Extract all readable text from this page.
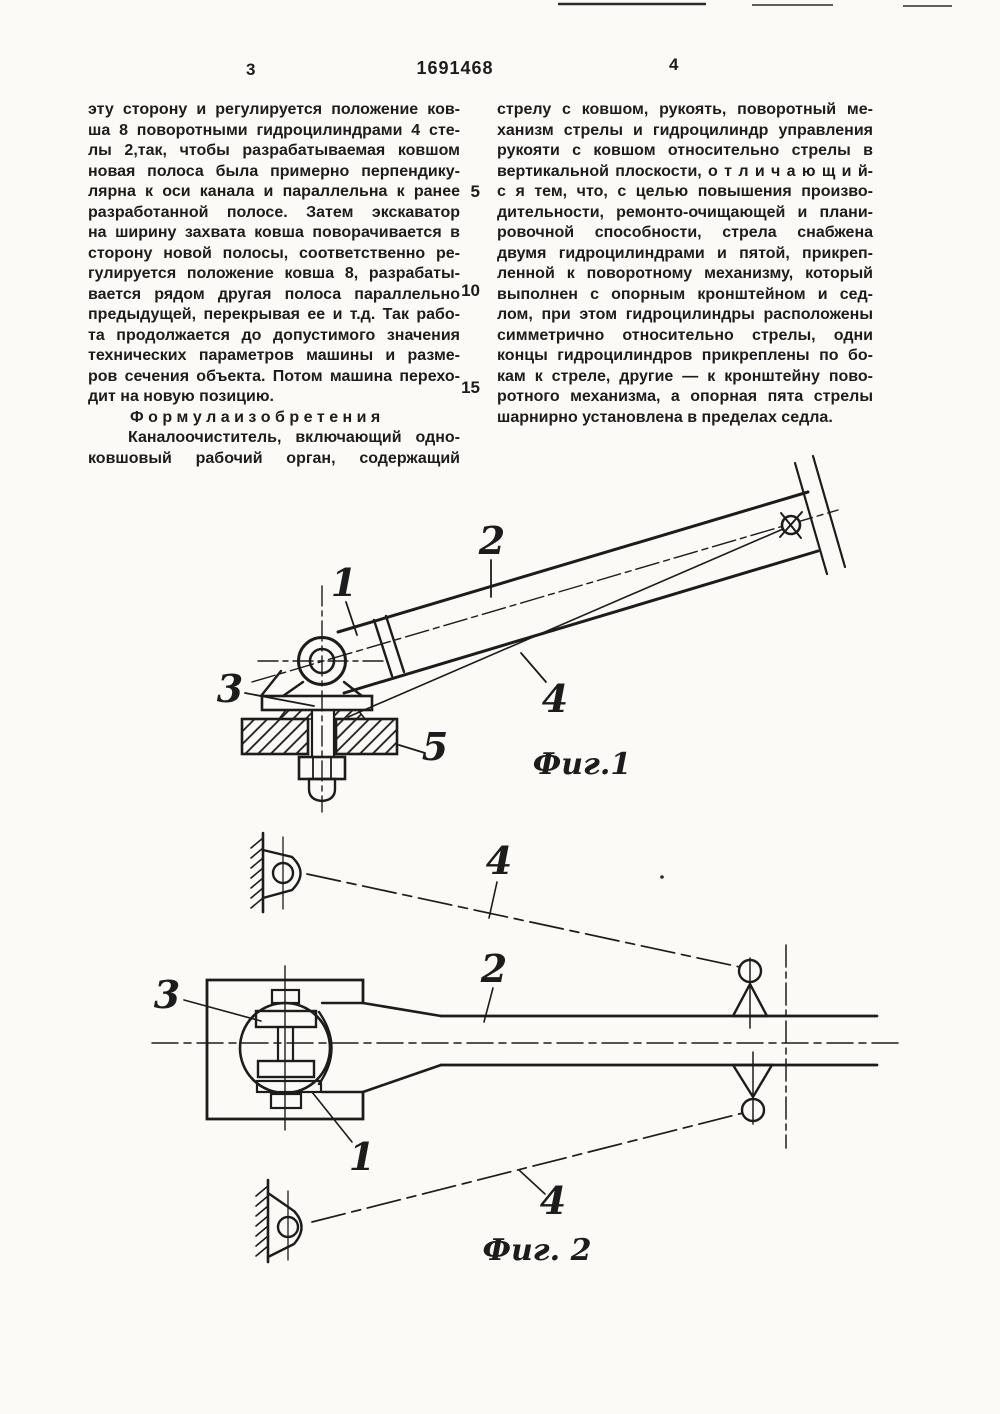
1
2
3	4
5	Фиг.1
4
2
3
1
4
Фиг. 2
3	1691468	4
эту сторону и регулируется положение ков-
ша 8 поворотными гидроцилиндрами 4 сте-
лы 2,так, чтобы разрабатываемая ковшом
новая полоса была примерно перпендику-
лярна к оси канала и параллельна к ранее
разработанной полосе. Затем экскаватор
на ширину захвата ковша поворачивается в
сторону новой полосы, соответственно ре-
гулируется положение ковша 8, разрабаты-
вается рядом другая полоса параллельно
предыдущей, перекрывая ее и т.д. Так рабо-
та продолжается до допустимого значения
технических параметров машины и разме-
ров сечения объекта. Потом машина перехо-
дит на новую позицию.
Ф о р м у л а и з о б р е т е н и я
Каналоочиститель, включающий одно-
ковшовый рабочий орган, содержащий
стрелу с ковшом, рукоять, поворотный ме-
ханизм стрелы и гидроцилиндр управления
рукояти с ковшом относительно стрелы в
вертикальной плоскости, о т л и ч а ю щ и й-
с я тем, что, с целью повышения произво-
дительности, ремонто-очищающей и плани-
ровочной способности, стрела снабжена
двумя гидроцилиндрами и пятой, прикреп-
ленной к поворотному механизму, который
выполнен с опорным кронштейном и сед-
лом, при этом гидроцилиндры расположены
симметрично относительно стрелы, одни
концы гидроцилиндров прикреплены по бо-
кам к стреле, другие — к кронштейну пово-
ротного механизма, а опорная пята стрелы
шарнирно установлена в пределах седла.
5
10
15
